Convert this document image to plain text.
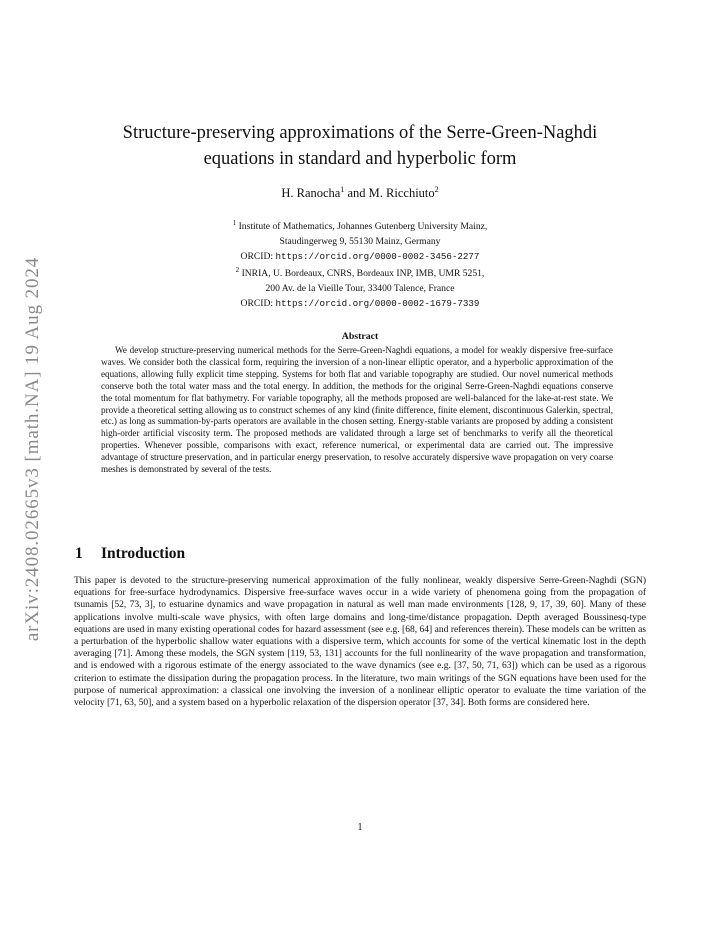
arXiv:2408.02665v3 [math.NA] 19 Aug 2024
Structure-preserving approximations of the Serre-Green-Naghdi
equations in standard and hyperbolic form
H. Ranocha$^1$ and M. Ricchiuto$^2$
$^1$ Institute of Mathematics, Johannes Gutenberg University Mainz,
Staudingerweg 9, 55130 Mainz, Germany
ORCID: https://orcid.org/0000-0002-3456-2277
$^2$ INRIA, U. Bordeaux, CNRS, Bordeaux INP, IMB, UMR 5251,
200 Av. de la Vieille Tour, 33400 Talence, France
ORCID: https://orcid.org/0000-0002-1679-7339
Abstract
We develop structure-preserving numerical methods for the Serre-Green-Naghdi equations, a model for weakly dispersive free-surface waves. We consider both the classical form, requiring the inversion of a non-linear elliptic operator, and a hyperbolic approximation of the equations, allowing fully explicit time stepping. Systems for both flat and variable topography are studied. Our novel numerical methods conserve both the total water mass and the total energy. In addition, the methods for the original Serre-Green-Naghdi equations conserve the total momentum for flat bathymetry. For variable topography, all the methods proposed are well-balanced for the lake-at-rest state. We provide a theoretical setting allowing us to construct schemes of any kind (finite difference, finite element, discontinuous Galerkin, spectral, etc.) as long as summation-by-parts operators are available in the chosen setting. Energy-stable variants are proposed by adding a consistent high-order artificial viscosity term. The proposed methods are validated through a large set of benchmarks to verify all the theoretical properties. Whenever possible, comparisons with exact, reference numerical, or experimental data are carried out. The impressive advantage of structure preservation, and in particular energy preservation, to resolve accurately dispersive wave propagation on very coarse meshes is demonstrated by several of the tests.
1 Introduction
This paper is devoted to the structure-preserving numerical approximation of the fully nonlinear, weakly dispersive Serre-Green-Naghdi (SGN) equations for free-surface hydrodynamics. Dispersive free-surface waves occur in a wide variety of phenomena going from the propagation of tsunamis [52, 73, 3], to estuarine dynamics and wave propagation in natural as well man made environments [128, 9, 17, 39, 60]. Many of these applications involve multi-scale wave physics, with often large domains and long-time/distance propagation. Depth averaged Boussinesq-type equations are used in many existing operational codes for hazard assessment (see e.g. [68, 64] and references therein). These models can be written as a perturbation of the hyperbolic shallow water equations with a dispersive term, which accounts for some of the vertical kinematic lost in the depth averaging [71]. Among these models, the SGN system [119, 53, 131] accounts for the full nonlinearity of the wave propagation and transformation, and is endowed with a rigorous estimate of the energy associated to the wave dynamics (see e.g. [37, 50, 71, 63]) which can be used as a rigorous criterion to estimate the dissipation during the propagation process. In the literature, two main writings of the SGN equations have been used for the purpose of numerical approximation: a classical one involving the inversion of a nonlinear elliptic operator to evaluate the time variation of the velocity [71, 63, 50], and a system based on a hyperbolic relaxation of the dispersion operator [37, 34]. Both forms are considered here.
1
